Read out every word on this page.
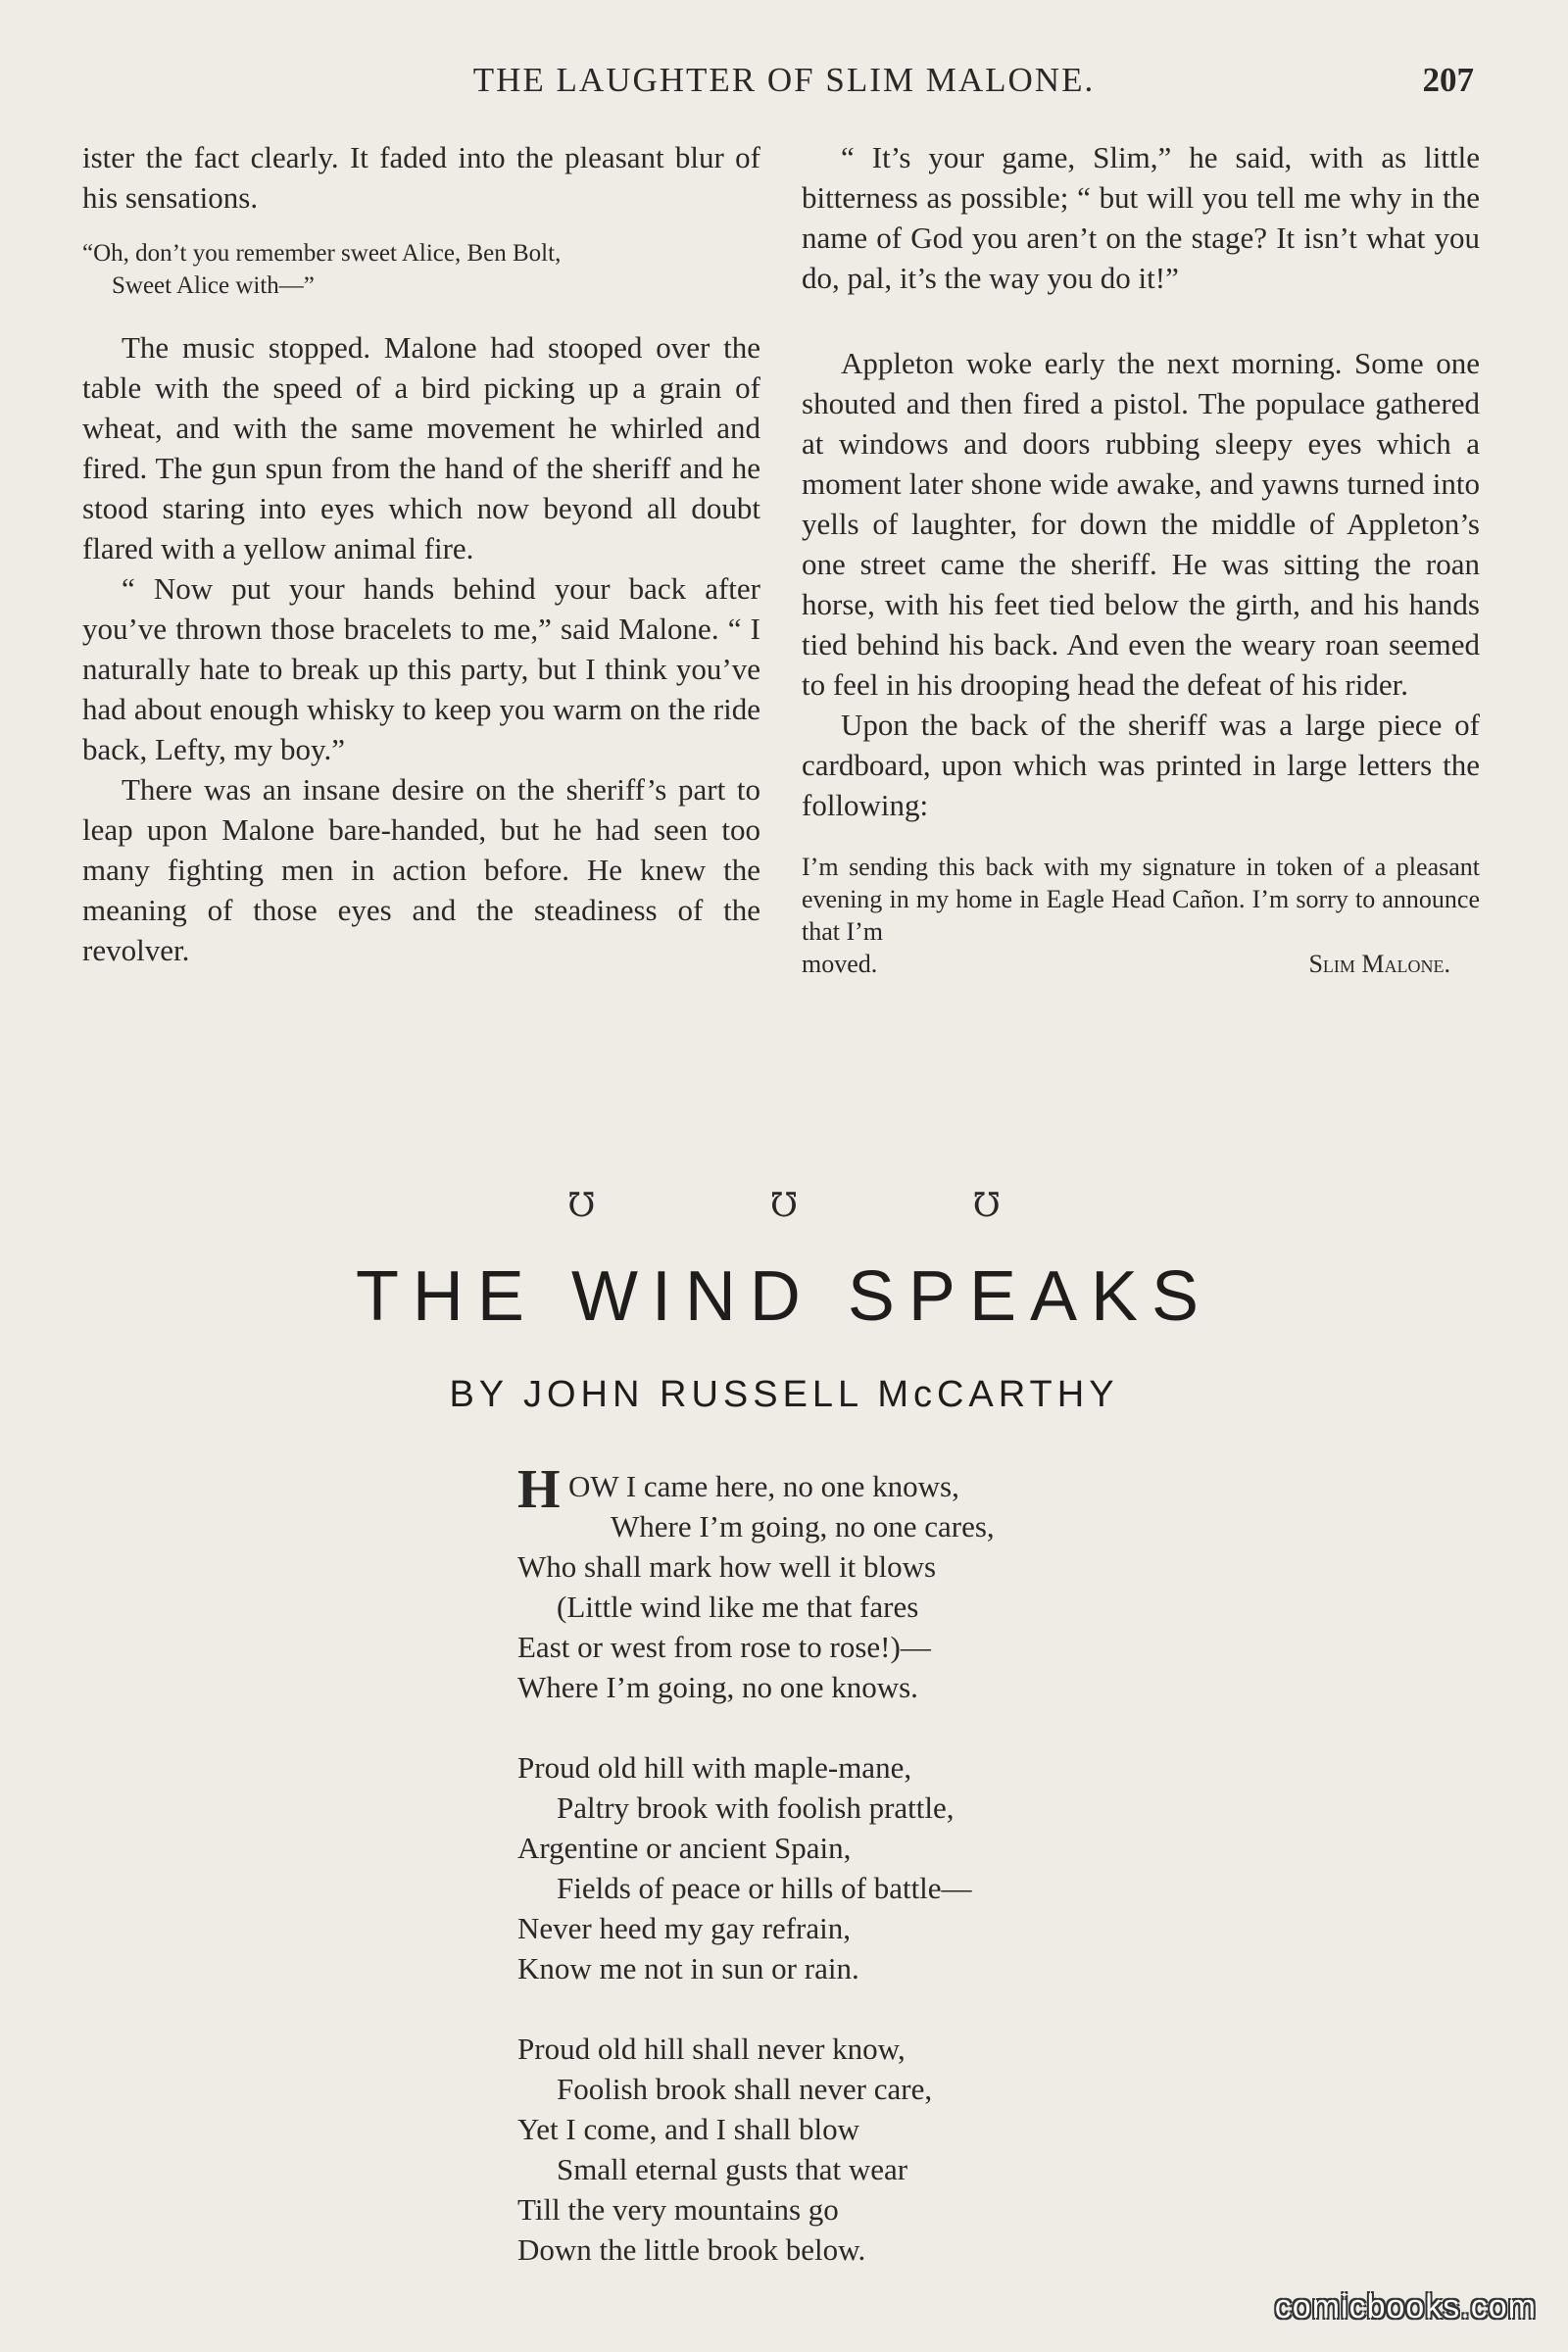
THE LAUGHTER OF SLIM MALONE.	207

ister the fact clearly. It faded into the pleasant blur of his sensations.

“Oh, don’t you remember sweet Alice, Ben Bolt,
Sweet Alice with—”

The music stopped. Malone had stooped over the table with the speed of a bird picking up a grain of wheat, and with the same movement he whirled and fired. The gun spun from the hand of the sheriff and he stood staring into eyes which now beyond all doubt flared with a yellow animal fire.

“ Now put your hands behind your back after you’ve thrown those bracelets to me,” said Malone. “ I naturally hate to break up this party, but I think you’ve had about enough whisky to keep you warm on the ride back, Lefty, my boy.”

There was an insane desire on the sheriff’s part to leap upon Malone bare-handed, but he had seen too many fighting men in action before. He knew the meaning of those eyes and the steadiness of the revolver.

“ It’s your game, Slim,” he said, with as little bitterness as possible; “ but will you tell me why in the name of God you aren’t on the stage? It isn’t what you do, pal, it’s the way you do it!”

Appleton woke early the next morning. Some one shouted and then fired a pistol. The populace gathered at windows and doors rubbing sleepy eyes which a moment later shone wide awake, and yawns turned into yells of laughter, for down the middle of Appleton’s one street came the sheriff. He was sitting the roan horse, with his feet tied below the girth, and his hands tied behind his back. And even the weary roan seemed to feel in his drooping head the defeat of his rider.

Upon the back of the sheriff was a large piece of cardboard, upon which was printed in large letters the following:

I’m sending this back with my signature in token of a pleasant evening in my home in Eagle Head Cañon. I’m sorry to announce that I’m
moved.	Slim Malone.
℧	℧	℧
THE WIND SPEAKS
BY JOHN RUSSELL McCARTHY
H OW I came here, no one knows,
Where I’m going, no one cares,
Who shall mark how well it blows
(Little wind like me that fares
East or west from rose to rose!)—
Where I’m going, no one knows.
Proud old hill with maple-mane,
Paltry brook with foolish prattle,
Argentine or ancient Spain,
Fields of peace or hills of battle—
Never heed my gay refrain,
Know me not in sun or rain.
Proud old hill shall never know,
Foolish brook shall never care,
Yet I come, and I shall blow
Small eternal gusts that wear
Till the very mountains go
Down the little brook below.
comicbooks.com
